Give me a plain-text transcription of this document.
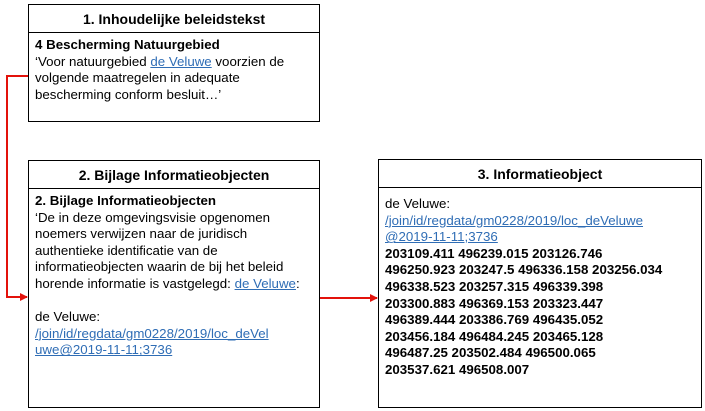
1. Inhoudelijke beleidstekst

4 Bescherming Natuurgebied

‘Voor natuurgebied de Veluwe voorzien de volgende maatregelen in adequate bescherming conform besluit…’

2. Bijlage Informatieobjecten

2. Bijlage Informatieobjecten

‘De in deze omgevingsvisie opgenomen noemers verwijzen naar de juridisch authentieke identificatie van de informatieobjecten waarin de bij het beleid horende informatie is vastgelegd: de Veluwe:

de Veluwe:

/join/id/regdata/gm0228/2019/loc_deVel
uwe@2019-11-11;3736

3. Informatieobject

de Veluwe:

/join/id/regdata/gm0228/2019/loc_deVeluwe
@2019-11-11;3736

203109.411 496239.015 203126.746

496250.923 203247.5 496336.158 203256.034

496338.523 203257.315 496339.398

203300.883 496369.153 203323.447

496389.444 203386.769 496435.052

203456.184 496484.245 203465.128

496487.25 203502.484 496500.065

203537.621 496508.007
